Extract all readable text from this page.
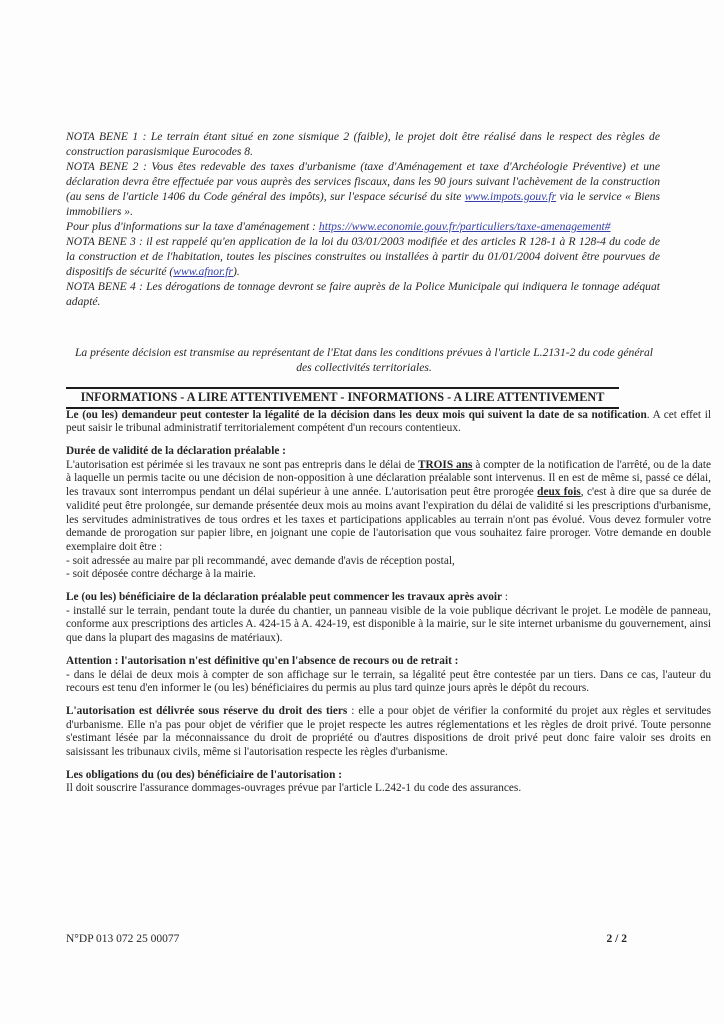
NOTA BENE 1 : Le terrain étant situé en zone sismique 2 (faible), le projet doit être réalisé dans le respect des règles de construction parasismique Eurocodes 8.

NOTA BENE 2 : Vous êtes redevable des taxes d'urbanisme (taxe d'Aménagement et taxe d'Archéologie Préventive) et une déclaration devra être effectuée par vous auprès des services fiscaux, dans les 90 jours suivant l'achèvement de la construction (au sens de l'article 1406 du Code général des impôts), sur l'espace sécurisé du site www.impots.gouv.fr via le service « Biens immobiliers ».

Pour plus d'informations sur la taxe d'aménagement : https://www.economie.gouv.fr/particuliers/taxe-amenagement#

NOTA BENE 3 : il est rappelé qu'en application de la loi du 03/01/2003 modifiée et des articles R 128-1 à R 128-4 du code de la construction et de l'habitation, toutes les piscines construites ou installées à partir du 01/01/2004 doivent être pourvues de dispositifs de sécurité (www.afnor.fr).

NOTA BENE 4 : Les dérogations de tonnage devront se faire auprès de la Police Municipale qui indiquera le tonnage adéquat adapté.

La présente décision est transmise au représentant de l'Etat dans les conditions prévues à l'article L.2131-2 du code général des collectivités territoriales.

INFORMATIONS - A LIRE ATTENTIVEMENT - INFORMATIONS - A LIRE ATTENTIVEMENT

Le (ou les) demandeur peut contester la légalité de la décision dans les deux mois qui suivent la date de sa notification. A cet effet il peut saisir le tribunal administratif territorialement compétent d'un recours contentieux.

Durée de validité de la déclaration préalable :

L'autorisation est périmée si les travaux ne sont pas entrepris dans le délai de TROIS ans à compter de la notification de l'arrêté, ou de la date à laquelle un permis tacite ou une décision de non-opposition à une déclaration préalable sont intervenus. Il en est de même si, passé ce délai, les travaux sont interrompus pendant un délai supérieur à une année. L'autorisation peut être prorogée deux fois, c'est à dire que sa durée de validité peut être prolongée, sur demande présentée deux mois au moins avant l'expiration du délai de validité si les prescriptions d'urbanisme, les servitudes administratives de tous ordres et les taxes et participations applicables au terrain n'ont pas évolué. Vous devez formuler votre demande de prorogation sur papier libre, en joignant une copie de l'autorisation que vous souhaitez faire proroger. Votre demande en double exemplaire doit être :

- soit adressée au maire par pli recommandé, avec demande d'avis de réception postal,

- soit déposée contre décharge à la mairie.

Le (ou les) bénéficiaire de la déclaration préalable peut commencer les travaux après avoir :

- installé sur le terrain, pendant toute la durée du chantier, un panneau visible de la voie publique décrivant le projet. Le modèle de panneau, conforme aux prescriptions des articles A. 424-15 à A. 424-19, est disponible à la mairie, sur le site internet urbanisme du gouvernement, ainsi que dans la plupart des magasins de matériaux).

Attention : l'autorisation n'est définitive qu'en l'absence de recours ou de retrait :

- dans le délai de deux mois à compter de son affichage sur le terrain, sa légalité peut être contestée par un tiers. Dans ce cas, l'auteur du recours est tenu d'en informer le (ou les) bénéficiaires du permis au plus tard quinze jours après le dépôt du recours.

L'autorisation est délivrée sous réserve du droit des tiers : elle a pour objet de vérifier la conformité du projet aux règles et servitudes d'urbanisme. Elle n'a pas pour objet de vérifier que le projet respecte les autres réglementations et les règles de droit privé. Toute personne s'estimant lésée par la méconnaissance du droit de propriété ou d'autres dispositions de droit privé peut donc faire valoir ses droits en saisissant les tribunaux civils, même si l'autorisation respecte les règles d'urbanisme.

Les obligations du (ou des) bénéficiaire de l'autorisation :

Il doit souscrire l'assurance dommages-ouvrages prévue par l'article L.242-1 du code des assurances.

N°DP 013 072 25 00077	2 / 2
